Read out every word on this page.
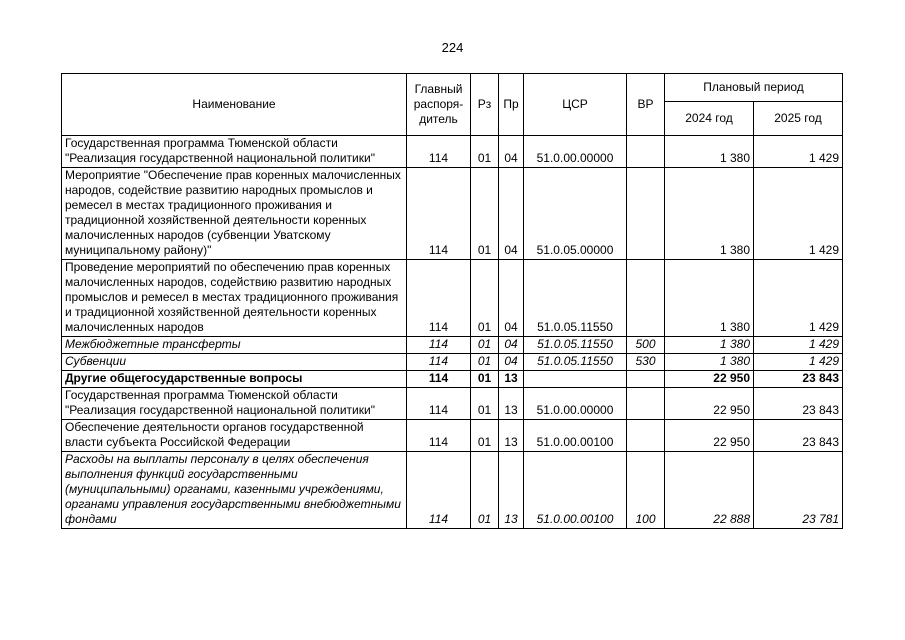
224
Наименование	Главный распоря-дитель	Рз	Пр	ЦСР	ВР	Плановый период	
						2024 год	2025 год
Государственная программа Тюменской области "Реализация государственной национальной политики"	114	01	04	51.0.00.00000		1 380	1 429
Мероприятие "Обеспечение прав коренных малочисленных народов, содействие развитию народных промыслов и ремесел в местах традиционного проживания и традиционной хозяйственной деятельности коренных малочисленных народов (субвенции Уватскому муниципальному району)"	114	01	04	51.0.05.00000		1 380	1 429
Проведение мероприятий по обеспечению прав коренных малочисленных народов, содействию развитию народных промыслов и ремесел в местах традиционного проживания и традиционной хозяйственной деятельности коренных малочисленных народов	114	01	04	51.0.05.11550		1 380	1 429
Межбюджетные трансферты	114	01	04	51.0.05.11550	500	1 380	1 429
Субвенции	114	01	04	51.0.05.11550	530	1 380	1 429
Другие общегосударственные вопросы	114	01	13			22 950	23 843
Государственная программа Тюменской области "Реализация государственной национальной политики"	114	01	13	51.0.00.00000		22 950	23 843
Обеспечение деятельности органов государственной власти субъекта Российской Федерации	114	01	13	51.0.00.00100		22 950	23 843
Расходы на выплаты персоналу в целях обеспечения выполнения функций государственными (муниципальными) органами, казенными учреждениями, органами управления государственными внебюджетными фондами	114	01	13	51.0.00.00100	100	22 888	23 781
